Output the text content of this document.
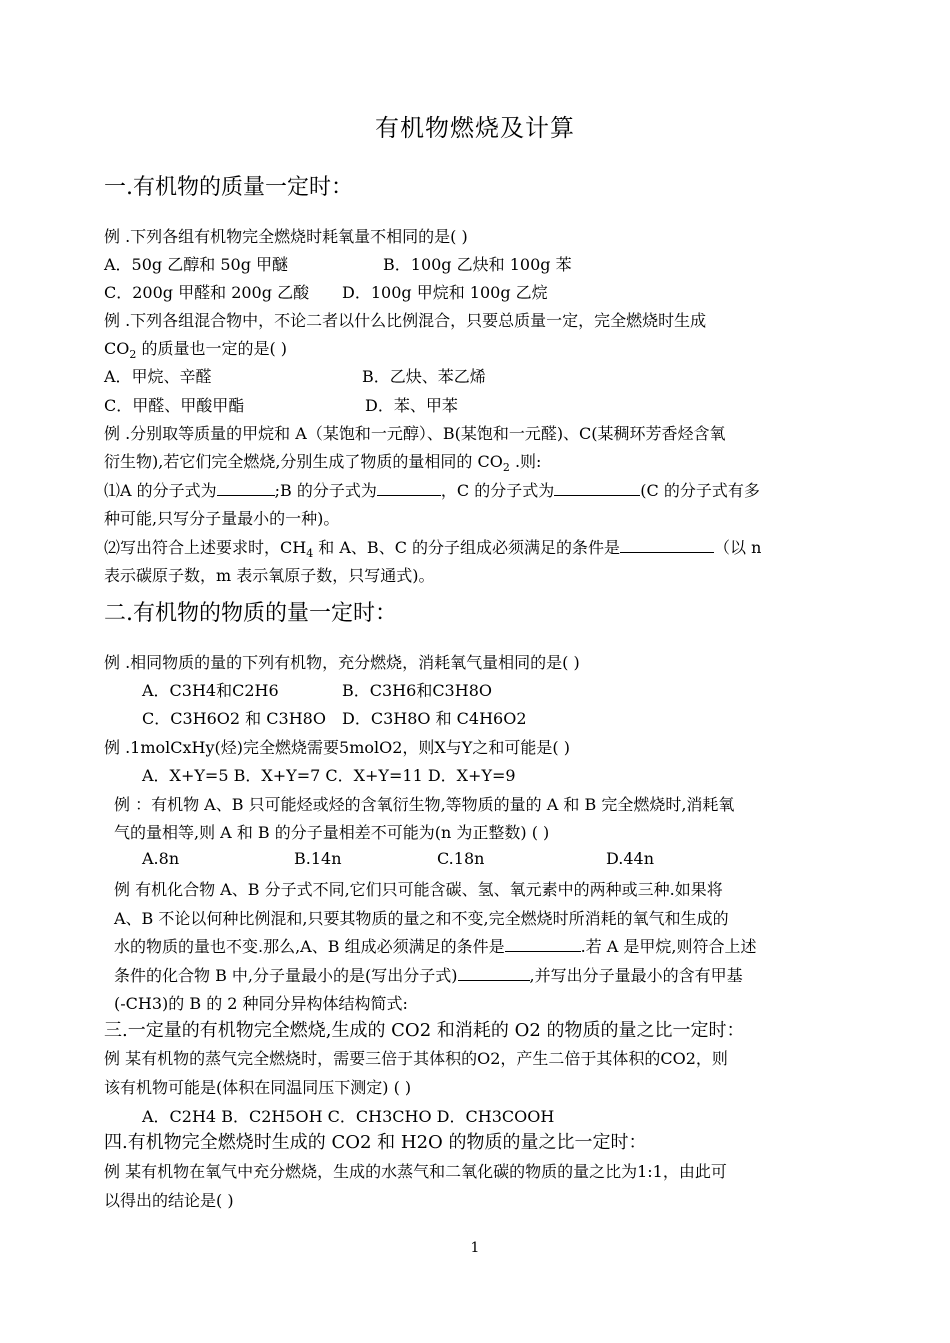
有机物燃烧及计算
一.有机物的质量一定时：
例 .下列各组有机物完全燃烧时耗氧量不相同的是( )
A．50g 乙醇和 50g 甲醚	B．100g 乙炔和 100g 苯
C．200g 甲醛和 200g 乙酸 D．100g 甲烷和 100g 乙烷
例 .下列各组混合物中，不论二者以什么比例混合，只要总质量一定，完全燃烧时生成
$CO_2$ 的质量也一定的是( )
A．甲烷、辛醛	B．乙炔、苯乙烯
C．甲醛、甲酸甲酯	D．苯、甲苯
例 .分别取等质量的甲烷和 A（某饱和一元醇）、B(某饱和一元醛)、C(某稠环芳香烃含氧
衍生物),若它们完全燃烧,分别生成了物质的量相同的 $CO_2$ .则:
⑴A 的分子式为	;B 的分子式为	，C 的分子式为	(C 的分子式有多
种可能,只写分子量最小的一种)。
⑵写出符合上述要求时，$CH_4$ 和 A、B、C 的分子组成必须满足的条件是	（以 n
表示碳原子数，m 表示氧原子数，只写通式)。
二.有机物的物质的量一定时：
例 .相同物质的量的下列有机物，充分燃烧，消耗氧气量相同的是( )
A．C3H4和C2H6	B．C3H6和C3H8O
C．C3H6O2 和 C3H8O D．C3H8O 和 C4H6O2
例 .1molCxHy(烃)完全燃烧需要5molO2，则X与Y之和可能是( )
A．X+Y=5 B．X+Y=7 C．X+Y=11 D．X+Y=9
例 ：有机物 A、B 只可能烃或烃的含氧衍生物,等物质的量的 A 和 B 完全燃烧时,消耗氧
气的量相等,则 A 和 B 的分子量相差不可能为(n 为正整数) ( )
A.8n	B.14n	C.18n	D.44n
例 有机化合物 A、B 分子式不同,它们只可能含碳、氢、氧元素中的两种或三种.如果将
A、B 不论以何种比例混和,只要其物质的量之和不变,完全燃烧时所消耗的氧气和生成的
水的物质的量也不变.那么,A、B 组成必须满足的条件是	.若 A 是甲烷,则符合上述
条件的化合物 B 中,分子量最小的是(写出分子式)	,并写出分子量最小的含有甲基
(-CH3)的 B 的 2 种同分异构体结构简式:
三.一定量的有机物完全燃烧,生成的 CO2 和消耗的 O2 的物质的量之比一定时：
例 某有机物的蒸气完全燃烧时，需要三倍于其体积的O2，产生二倍于其体积的CO2，则
该有机物可能是(体积在同温同压下测定) ( )
A．C2H4 B．C2H5OH C．CH3CHO D．CH3COOH
四.有机物完全燃烧时生成的 CO2 和 H2O 的物质的量之比一定时：
例 某有机物在氧气中充分燃烧，生成的水蒸气和二氧化碳的物质的量之比为1:1，由此可
以得出的结论是( )
1
